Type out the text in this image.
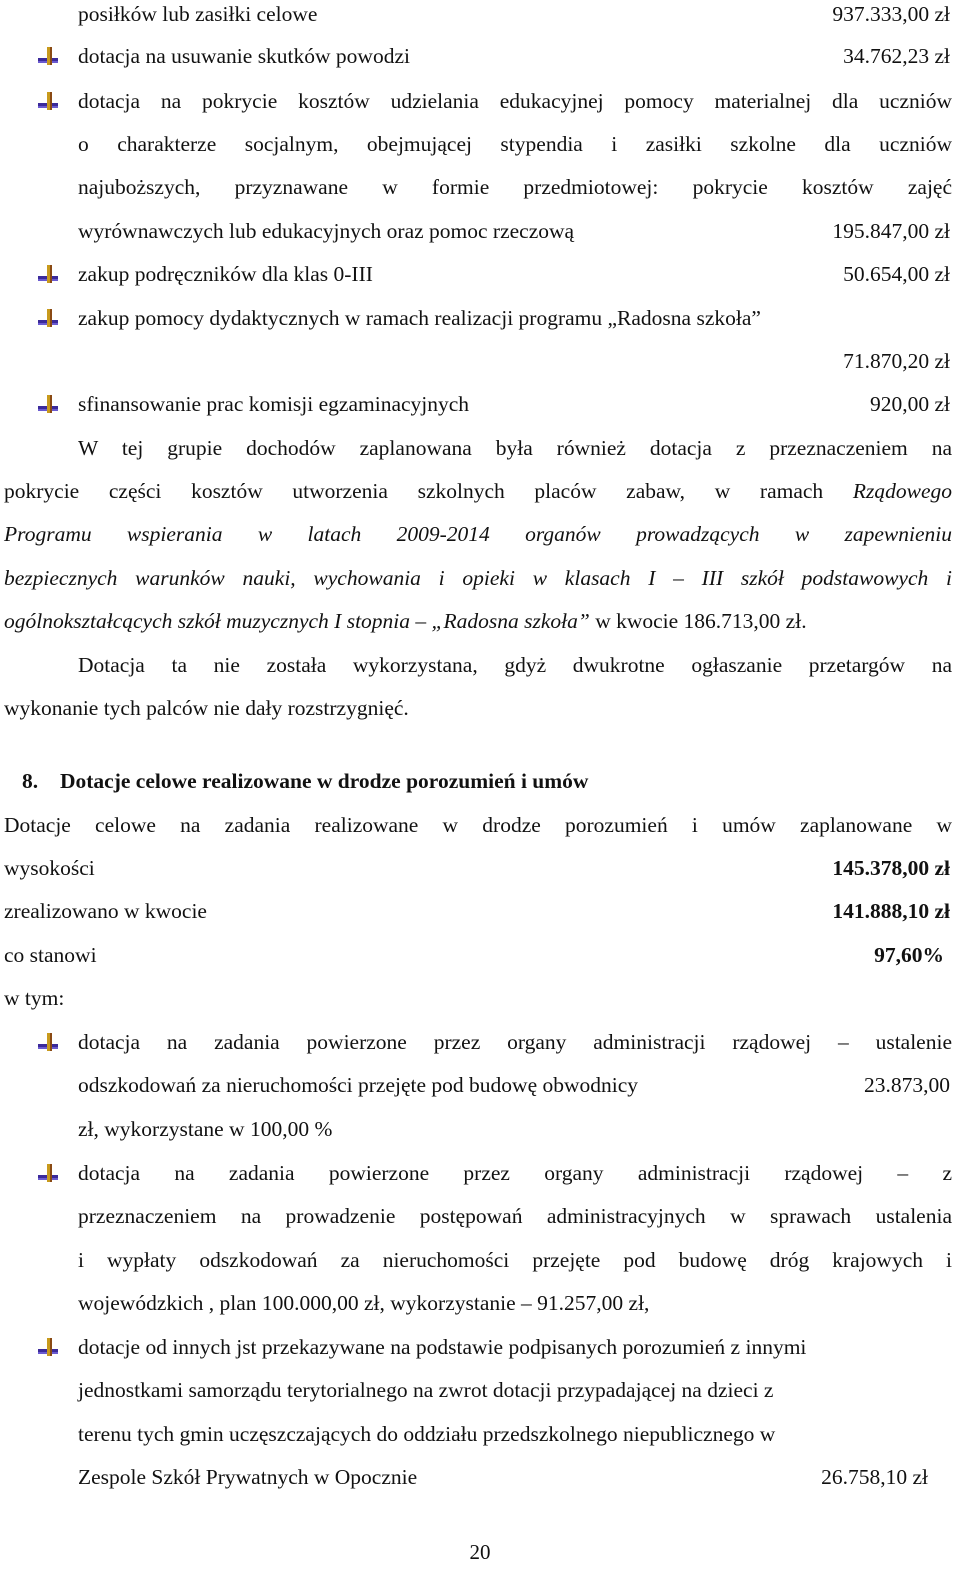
posiłków lub zasiłki celowe	937.333,00 zł
dotacja na usuwanie skutków powodzi	34.762,23 zł
dotacja na pokrycie kosztów udzielania edukacyjnej pomocy materialnej dla uczniów
o charakterze socjalnym, obejmującej stypendia i zasiłki szkolne dla uczniów
najuboższych, przyznawane w formie przedmiotowej: pokrycie kosztów zajęć
wyrównawczych lub edukacyjnych oraz pomoc rzeczową	195.847,00 zł
zakup podręczników dla klas 0-III	50.654,00 zł
zakup pomocy dydaktycznych w ramach realizacji programu „Radosna szkoła”
71.870,20 zł
sfinansowanie prac komisji egzaminacyjnych	920,00 zł
W tej grupie dochodów zaplanowana była również dotacja z przeznaczeniem na
pokrycie części kosztów utworzenia szkolnych placów zabaw, w ramach Rządowego
Programu wspierania w latach 2009-2014 organów prowadzących w zapewnieniu
bezpiecznych warunków nauki, wychowania i opieki w klasach I – III szkół podstawowych i
ogólnokształcących szkół muzycznych I stopnia – „Radosna szkoła” w kwocie 186.713,00 zł.
Dotacja ta nie została wykorzystana, gdyż dwukrotne ogłaszanie przetargów na
wykonanie tych palców nie dały rozstrzygnięć.
8. Dotacje celowe realizowane w drodze porozumień i umów
Dotacje celowe na zadania realizowane w drodze porozumień i umów zaplanowane w
wysokości	145.378,00 zł
zrealizowano w kwocie	141.888,10 zł
co stanowi	97,60%
w tym:
dotacja na zadania powierzone przez organy administracji rządowej – ustalenie
odszkodowań za nieruchomości przejęte pod budowę obwodnicy	23.873,00
zł, wykorzystane w 100,00 %
dotacja na zadania powierzone przez organy administracji rządowej – z
przeznaczeniem na prowadzenie postępowań administracyjnych w sprawach ustalenia
i wypłaty odszkodowań za nieruchomości przejęte pod budowę dróg krajowych i
wojewódzkich , plan 100.000,00 zł, wykorzystanie – 91.257,00 zł,
dotacje od innych jst przekazywane na podstawie podpisanych porozumień z innymi
jednostkami samorządu terytorialnego na zwrot dotacji przypadającej na dzieci z
terenu tych gmin uczęszczających do oddziału przedszkolnego niepublicznego w
Zespole Szkół Prywatnych w Opocznie	26.758,10 zł
20
